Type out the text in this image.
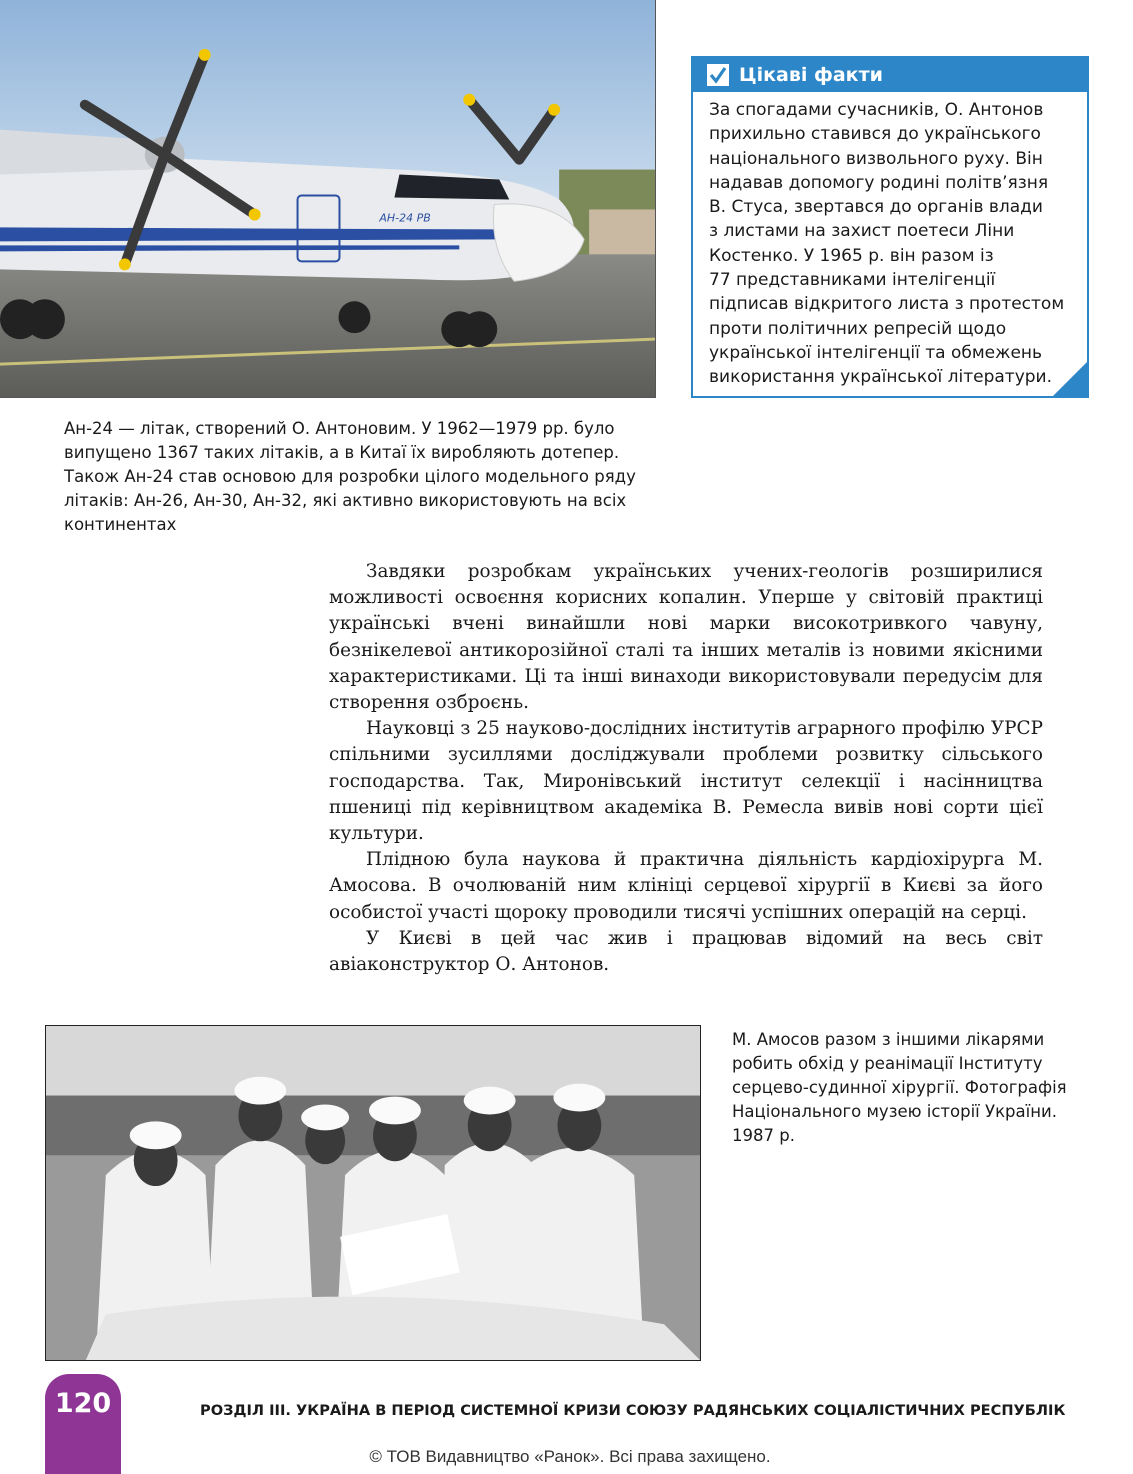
АН-24 РВ
Цікаві факти
За спогадами сучасників, О. Антонов
прихильно ставився до українського
національного визвольного руху. Він
надавав допомогу родині політв’язня
В. Стуса, звертався до органів влади
з листами на захист поетеси Ліни
Костенко. У 1965 р. він разом із
77 представниками інтелігенції
підписав відкритого листа з протестом
проти політичних репресій щодо
української інтелігенції та обмежень
використання української літератури.
Ан-24 — літак, створений О. Антоновим. У 1962—1979 рр. було
випущено 1367 таких літаків, а в Китаї їх виробляють дотепер.
Також Ан-24 став основою для розробки цілого модельного ряду
літаків: Ан-26, Ан-30, Ан-32, які активно використовують на всіх
континентах

Завдяки розробкам українських учених-геологів розширилися можливості освоєння корисних копалин. Уперше у світовій практиці українські вчені винайшли нові марки високотривкого чавуну, безнікелевої антикорозійної сталі та інших металів із новими якісними характеристиками. Ці та інші винаходи використовували передусім для створення озброєнь.

Науковці з 25 науково-дослідних інститутів аграрного профілю УРСР спільними зусиллями досліджували проблеми розвитку сільського господарства. Так, Миронівський інститут селекції і насінництва пшениці під керівництвом академіка В. Ремесла вивів нові сорти цієї культури.

Плідною була наукова й практична діяльність кардіохірурга М. Амосова. В очолюваній ним клініці серцевої хірургії в Києві за його особистої участі щороку проводили тисячі успішних операцій на серці.

У Києві в цей час жив і працював відомий на весь світ авіаконструктор О. Антонов.

М. Амосов разом з іншими лікарями
робить обхід у реанімації Інституту
серцево-судинної хірургії. Фотографія
Національного музею історії України.
1987 р.
120	РОЗДІЛ III. УКРАЇНА В ПЕРІОД СИСТЕМНОЇ КРИЗИ СОЮЗУ РАДЯНСЬКИХ СОЦІАЛІСТИЧНИХ РЕСПУБЛІК
© ТОВ Видавництво «Ранок». Всі права захищено.
